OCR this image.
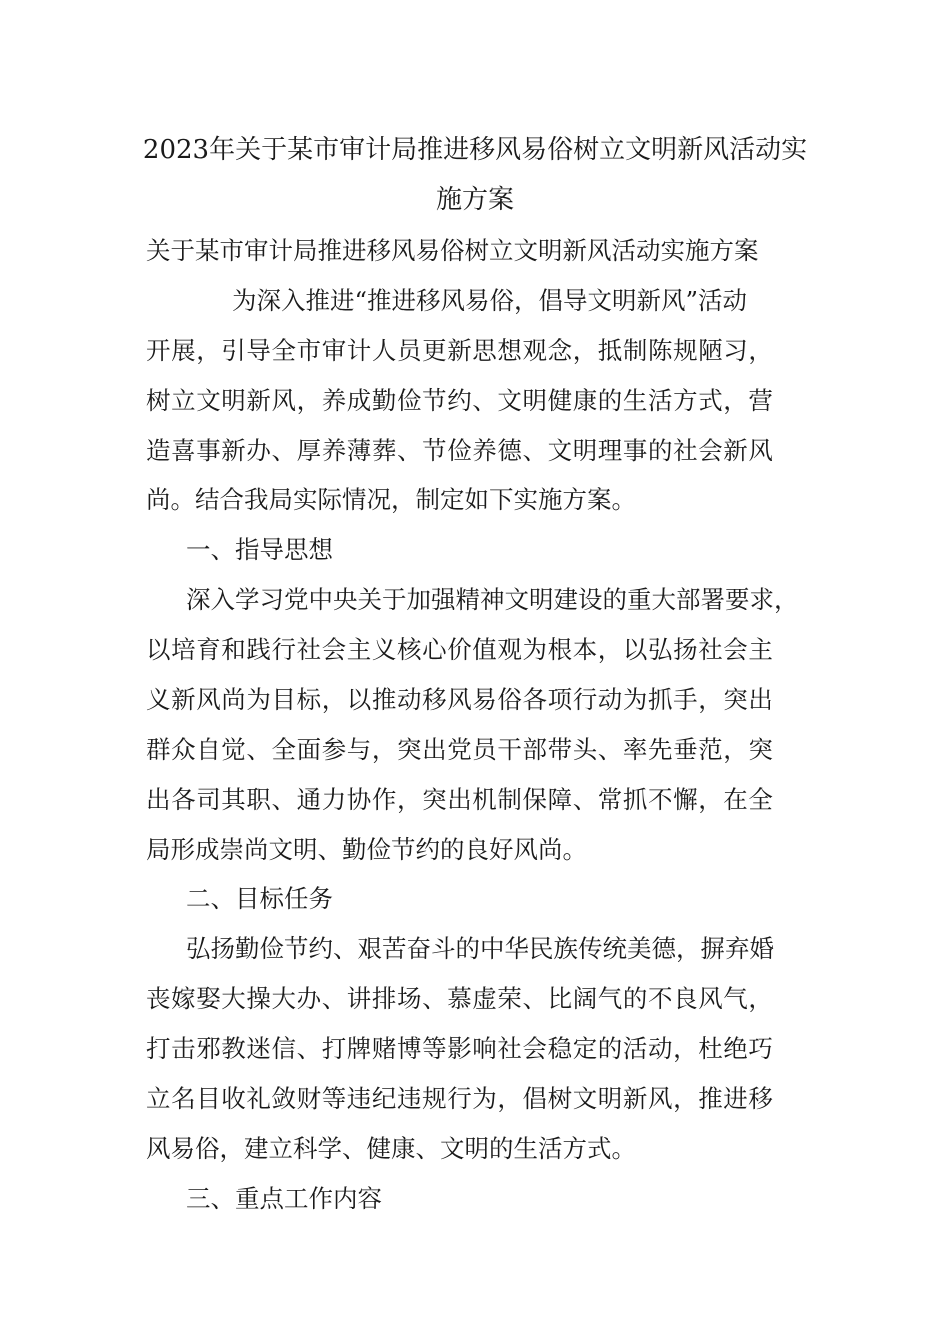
2023年关于某市审计局推进移风易俗树立文明新风活动实
施方案
关于某市审计局推进移风易俗树立文明新风活动实施方案
为深入推进“推进移风易俗，倡导文明新风”活动
开展，引导全市审计人员更新思想观念，抵制陈规陋习，
树立文明新风，养成勤俭节约、文明健康的生活方式，营
造喜事新办、厚养薄葬、节俭养德、文明理事的社会新风
尚。结合我局实际情况，制定如下实施方案。
一、指导思想
深入学习党中央关于加强精神文明建设的重大部署要求，
以培育和践行社会主义核心价值观为根本，以弘扬社会主
义新风尚为目标，以推动移风易俗各项行动为抓手，突出
群众自觉、全面参与，突出党员干部带头、率先垂范，突
出各司其职、通力协作，突出机制保障、常抓不懈，在全
局形成崇尚文明、勤俭节约的良好风尚。
二、目标任务
弘扬勤俭节约、艰苦奋斗的中华民族传统美德，摒弃婚
丧嫁娶大操大办、讲排场、慕虚荣、比阔气的不良风气，
打击邪教迷信、打牌赌博等影响社会稳定的活动，杜绝巧
立名目收礼敛财等违纪违规行为，倡树文明新风，推进移
风易俗，建立科学、健康、文明的生活方式。
三、重点工作内容
